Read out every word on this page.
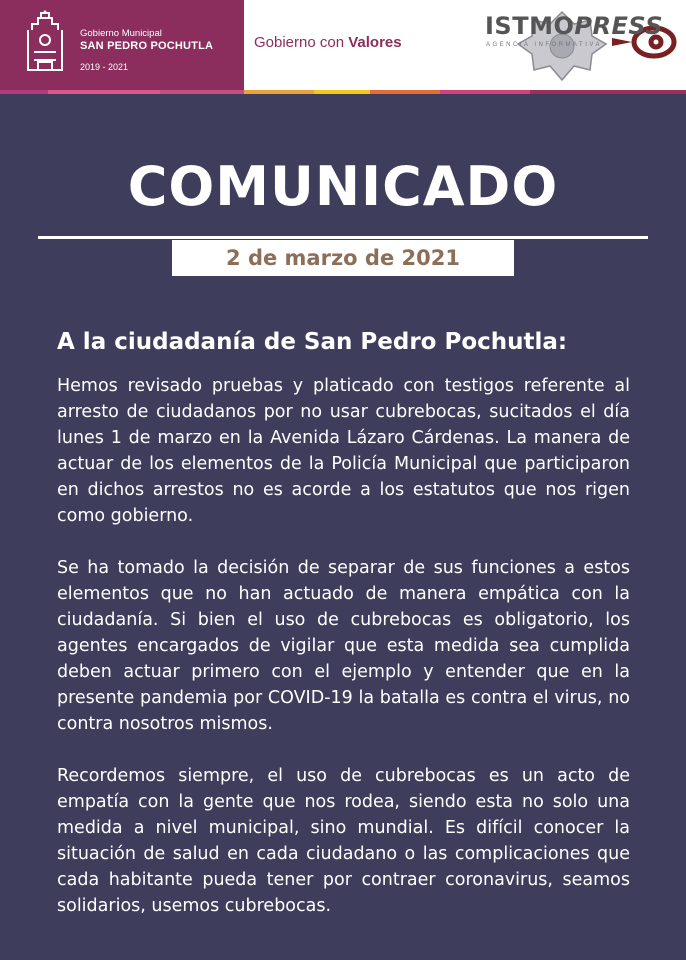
Gobierno Municipal
SAN PEDRO POCHUTLA
2019 - 2021
Gobierno con Valores
ISTMOPRESS
AGENCIA INFORMATIVA
COMUNICADO
2 de marzo de 2021
A la ciudadanía de San Pedro Pochutla:

Hemos revisado pruebas y platicado con testigos referente al arresto de ciudadanos por no usar cubrebocas, sucitados el día lunes 1 de marzo en la Avenida Lázaro Cárdenas. La manera de actuar de los elementos de la Policía Municipal que participaron en dichos arrestos no es acorde a los estatutos que nos rigen como gobierno.

Se ha tomado la decisión de separar de sus funciones a estos elementos que no han actuado de manera empática con la ciudadanía. Si bien el uso de cubrebocas es obligatorio, los agentes encargados de vigilar que esta medida sea cumplida deben actuar primero con el ejemplo y entender que en la presente pandemia por COVID-19 la batalla es contra el virus, no contra nosotros mismos.

Recordemos siempre, el uso de cubrebocas es un acto de empatía con la gente que nos rodea, siendo esta no solo una medida a nivel municipal, sino mundial. Es difícil conocer la situación de salud en cada ciudadano o las complicaciones que cada habitante pueda tener por contraer coronavirus, seamos solidarios, usemos cubrebocas.
